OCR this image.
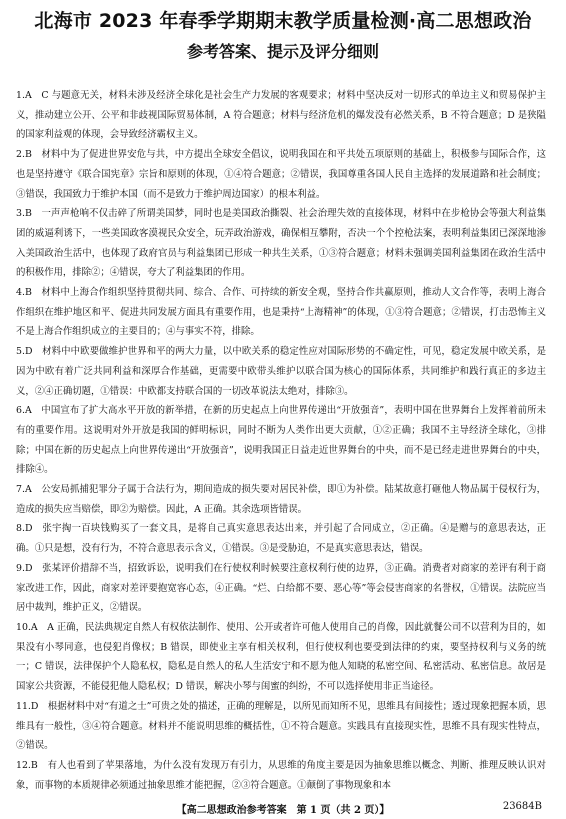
北海市 2023 年春季学期期末教学质量检测·高二思想政治
参考答案、提示及评分细则

1.A　C 与题意无关，材料未涉及经济全球化是社会生产力发展的客观要求；材料中坚决反对一切形式的单边主义和贸易保护主义，推动建立公开、公平和非歧视国际贸易体制，A 符合题意；材料与经济危机的爆发没有必然关系，B 不符合题意；D 是狭隘的国家利益观的体现，会导致经济霸权主义。

2.B　材料中为了促进世界安危与共，中方提出全球安全倡议，说明我国在和平共处五项原则的基础上，积极参与国际合作，这也是坚持遵守《联合国宪章》宗旨和原则的体现，①④符合题意；②错误，我国尊重各国人民自主选择的发展道路和社会制度；③错误，我国致力于维护本国（而不是致力于维护周边国家）的根本利益。

3.B　一声声枪响不仅击碎了所谓美国梦，同时也是美国政治撕裂、社会治理失效的直接体现，材料中在步枪协会等强大利益集团的威逼利诱下，一些美国政客漠视民众安全，玩弄政治游戏，确保相互攀附，否决一个个控枪法案，表明利益集团已深深地渗入美国政治生活中，也体现了政府官员与利益集团已形成一种共生关系，①③符合题意；材料未强调美国利益集团在政治生活中的积极作用，排除②；④错误，夸大了利益集团的作用。

4.B　材料中上海合作组织坚持贯彻共同、综合、合作、可持续的新安全观，坚持合作共赢原则，推动人文合作等，表明上海合作组织在维护地区和平、促进共同发展方面具有重要作用，也是秉持“上海精神”的体现，①③符合题意；②错误，打击恐怖主义不是上海合作组织成立的主要目的；④与事实不符，排除。

5.D　材料中中欧要做维护世界和平的两大力量，以中欧关系的稳定性应对国际形势的不确定性，可见，稳定发展中欧关系，是因为中欧有着广泛共同利益和深厚合作基础，更需要中欧带头维护以联合国为核心的国际体系，共同维护和践行真正的多边主义，②④正确切题，①错误：中欧都支持联合国的一切改革说法太绝对，排除③。

6.A　中国宣布了扩大高水平开放的新举措，在新的历史起点上向世界传递出“开放强音”，表明中国在世界舞台上发挥着前所未有的重要作用。这说明对外开放是我国的鲜明标识，同时不断为人类作出更大贡献，①②正确；我国不主导经济全球化，③排除；中国在新的历史起点上向世界传递出“开放强音”，说明我国正日益走近世界舞台的中央，而不是已经走进世界舞台的中央，排除④。

7.A　公安局抓捕犯罪分子属于合法行为，期间造成的损失要对居民补偿，即①为补偿。陆某故意打砸他人物品属于侵权行为，造成的损失应当赔偿，即②为赔偿。因此，A 正确。其余选项皆错误。

8.D　张宇掏一百块钱购买了一套文具，是将自己真实意思表达出来，并引起了合同成立，②正确。④是赠与的意思表达，正确。①只是想，没有行为，不符合意思表示含义，①错误。③是受胁迫，不是真实意思表达，错误。

9.D　张某评价措辞不当，招致诉讼，说明我们在行使权利时候要注意权利行使的边界，③正确。消费者对商家的差评有利于商家改进工作，因此，商家对差评要抱宽容心态，④正确。“烂、白给都不要、恶心等”等会侵害商家的名誉权，①错误。法院应当居中裁判，维护正义，②错误。

10.A　A 正确，民法典规定自然人有权依法制作、使用、公开或者许可他人使用自己的肖像，因此就餐公司不以营利为目的，如果没有小琴同意，也侵犯肖像权；B 错误，即使业主享有相关权利，但行使权利也要受到法律的约束，要坚持权利与义务的统一；C 错误，法律保护个人隐私权，隐私是自然人的私人生活安宁和不愿为他人知晓的私密空间、私密活动、私密信息。故居是国家公共资源，不能侵犯他人隐私权；D 错误，解决小琴与闺蜜的纠纷，不可以选择使用非正当途径。

11.D　根据材料中对“有道之士”可贵之处的描述，正确的理解是，以所见而知所不见，思维具有间接性；透过现象把握本质，思维具有一般性，③④符合题意。材料并不能说明思维的概括性，①不符合题意。实践具有直接现实性，思维不具有现实性特点，②错误。

12.B　有人也看到了苹果落地，为什么没有发现万有引力，从思维的角度主要是因为抽象思维以概念、判断、推理反映认识对象，而事物的本质规律必须通过抽象思维才能把握，②③符合题意。①颠倒了事物现象和本

【高二思想政治参考答案　第 1 页（共 2 页）】	23684B
